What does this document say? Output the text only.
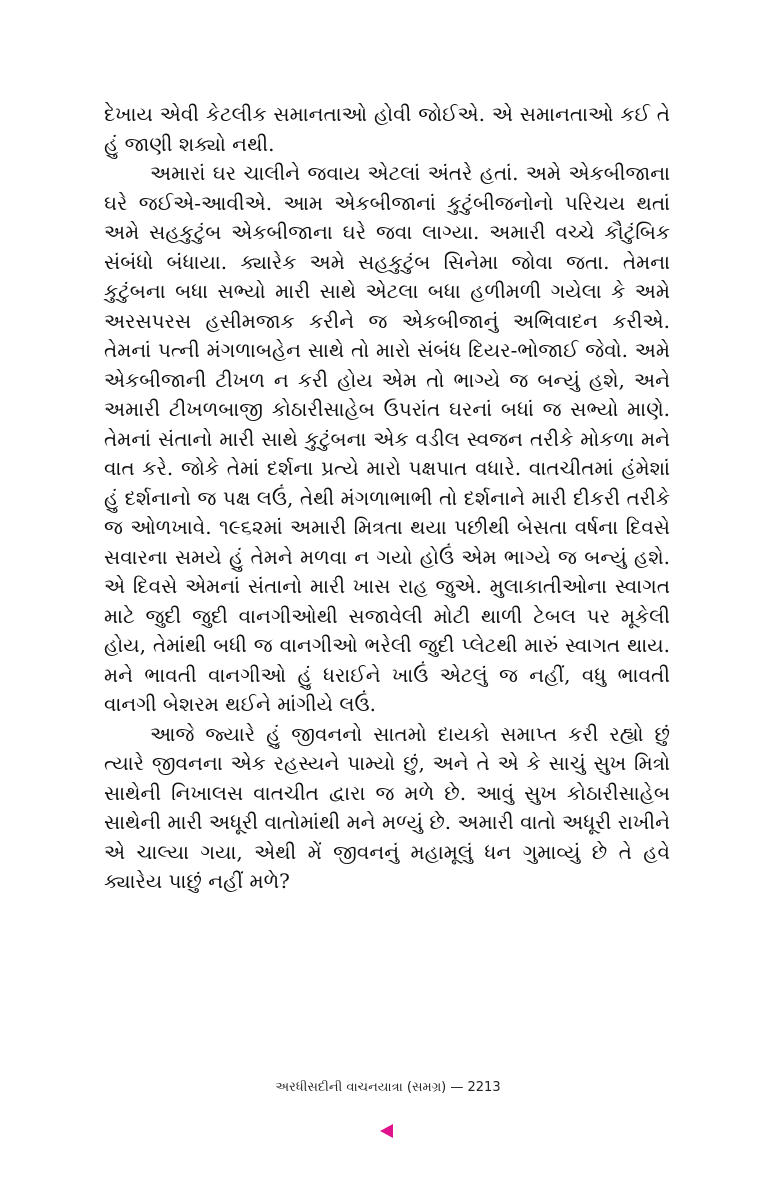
દેખાય એવી કેટલીક સમાનતાઓ હોવી જોઈએ. એ સમાનતાઓ કઈ તે હું જાણી શક્યો નથી.

અમારાં ઘર ચાલીને જવાય એટલાં અંતરે હતાં. અમે એકબીજાના ઘરે જઈએ-આવીએ. આમ એકબીજાનાં કુટુંબીજનોનો પરિચય થતાં અમે સહકુટુંબ એકબીજાના ઘરે જવા લાગ્યા. અમારી વચ્ચે કૌટુંબિક સંબંધો બંધાયા. ક્યારેક અમે સહકુટુંબ સિનેમા જોવા જતા. તેમના કુટુંબના બધા સભ્યો મારી સાથે એટલા બધા હળીમળી ગયેલા કે અમે અરસપરસ હસીમજાક કરીને જ એકબીજાનું અભિવાદન કરીએ. તેમનાં પત્ની મંગળાબહેન સાથે તો મારો સંબંધ દિયર-ભોજાઈ જેવો. અમે એકબીજાની ટીખળ ન કરી હોય એમ તો ભાગ્યે જ બન્યું હશે, અને અમારી ટીખળબાજી કોઠારીસાહેબ ઉપરાંત ઘરનાં બધાં જ સભ્યો માણે. તેમનાં સંતાનો મારી સાથે કુટુંબના એક વડીલ સ્વજન તરીકે મોકળા મને વાત કરે. જોકે તેમાં દર્શના પ્રત્યે મારો પક્ષપાત વધારે. વાતચીતમાં હંમેશાં હું દર્શનાનો જ પક્ષ લઉં, તેથી મંગળાભાભી તો દર્શનાને મારી દીકરી તરીકે જ ઓળખાવે. ૧૯૬૨માં અમારી મિત્રતા થયા પછીથી બેસતા વર્ષના દિવસે સવારના સમયે હું તેમને મળવા ન ગયો હોઉં એમ ભાગ્યે જ બન્યું હશે. એ દિવસે એમનાં સંતાનો મારી ખાસ રાહ જુએ. મુલાકાતીઓના સ્વાગત માટે જુદી જુદી વાનગીઓથી સજાવેલી મોટી થાળી ટેબલ પર મૂકેલી હોય, તેમાંથી બધી જ વાનગીઓ ભરેલી જુદી પ્લેટથી મારું સ્વાગત થાય. મને ભાવતી વાનગીઓ હું ધરાઈને ખાઉં એટલું જ નહીં, વધુ ભાવતી વાનગી બેશરમ થઈને માંગીયે લઉં.

આજે જ્યારે હું જીવનનો સાતમો દાયકો સમાપ્ત કરી રહ્યો છું ત્યારે જીવનના એક રહસ્યને પામ્યો છું, અને તે એ કે સાચું સુખ મિત્રો સાથેની નિખાલસ વાતચીત દ્વારા જ મળે છે. આવું સુખ કોઠારીસાહેબ સાથેની મારી અધૂરી વાતોમાંથી મને મળ્યું છે. અમારી વાતો અધૂરી રાખીને એ ચાલ્યા ગયા, એથી મેં જીવનનું મહામૂલું ધન ગુમાવ્યું છે તે હવે ક્યારેય પાછું નહીં મળે?

અરધીસદીની વાચનયાત્રા (સમગ્ર) — 2213
